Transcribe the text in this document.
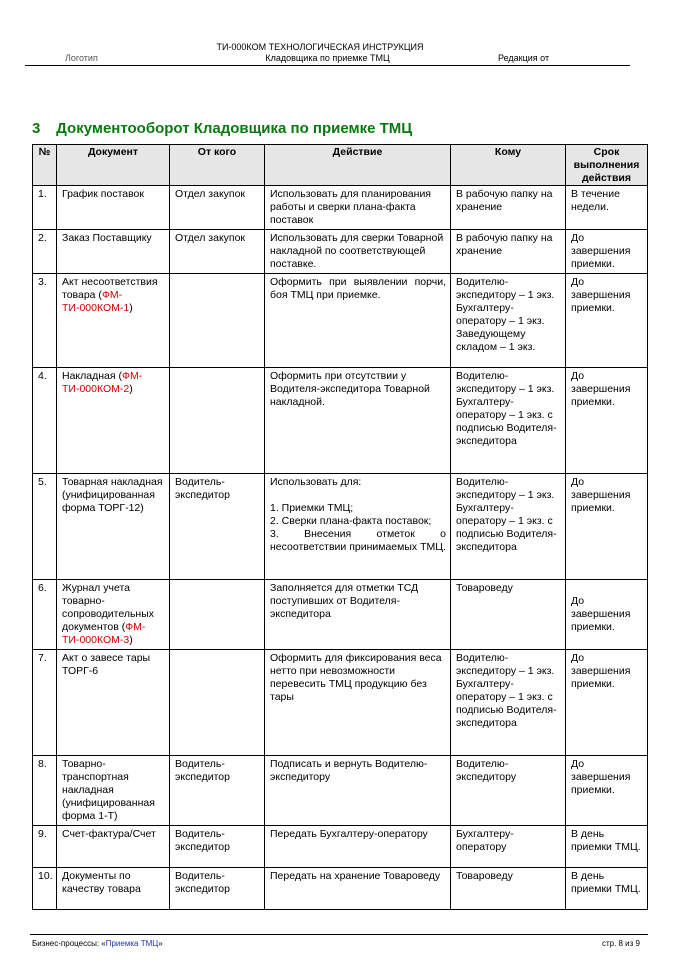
ТИ-000КОМ ТЕХНОЛОГИЧЕСКАЯ ИНСТРУКЦИЯ
Логотип	Кладовщика по приемке ТМЦ	Редакция от
3 Документооборот Кладовщика по приемке ТМЦ
№	Документ	От кого	Действие	Кому	Срок выполнения действия
1.	График поставок	Отдел закупок	Использовать для планирования работы и сверки плана-факта поставок	В рабочую папку на хранение	В течение недели.
2.	Заказ Поставщику	Отдел закупок	Использовать для сверки Товарной накладной по соответствующей поставке.	В рабочую папку на хранение	До завершения приемки.
3.	Акт несоответствия товара (ФМ-ТИ-000КОМ-1)		Оформить при выявлении порчи, боя ТМЦ при приемке.	Водителю-экспедитору – 1 экз. Бухгалтеру-оператору – 1 экз. Заведующему складом – 1 экз.	До завершения приемки.
4.	Накладная (ФМ-ТИ-000КОМ-2)		Оформить при отсутствии у Водителя-экспедитора Товарной накладной.	Водителю-экспедитору – 1 экз. Бухгалтеру-оператору – 1 экз. с подписью Водителя-экспедитора	До завершения приемки.
5.	Товарная накладная (унифицированная форма ТОРГ-12)	Водитель-экспедитор	Использовать для:
1. Приемки ТМЦ;
2. Сверки плана-факта поставок;
3. Внесения отметок о несоответствии принимаемых ТМЦ.	Водителю-экспедитору – 1 экз. Бухгалтеру-оператору – 1 экз. с подписью Водителя-экспедитора	До завершения приемки.
6.	Журнал учета товарно-сопроводительных документов (ФМ-ТИ-000КОМ-3)		Заполняется для отметки ТСД поступивших от Водителя-экспедитора	Товароведу	До завершения приемки.
7.	Акт о завесе тары ТОРГ-6		Оформить для фиксирования веса нетто при невозможности перевесить ТМЦ продукцию без тары	Водителю-экспедитору – 1 экз. Бухгалтеру-оператору – 1 экз. с подписью Водителя-экспедитора	До завершения приемки.
8.	Товарно-транспортная накладная (унифицированная форма 1-Т)	Водитель-экспедитор	Подписать и вернуть Водителю-экспедитору	Водителю-экспедитору	До завершения приемки.
9.	Счет-фактура/Счет	Водитель-экспедитор	Передать Бухгалтеру-оператору	Бухгалтеру-оператору	В день приемки ТМЦ.
10.	Документы по качеству товара	Водитель-экспедитор	Передать на хранение Товароведу	Товароведу	В день приемки ТМЦ.
Бизнес-процессы: «Приемка ТМЦ»	стр. 8 из 9
